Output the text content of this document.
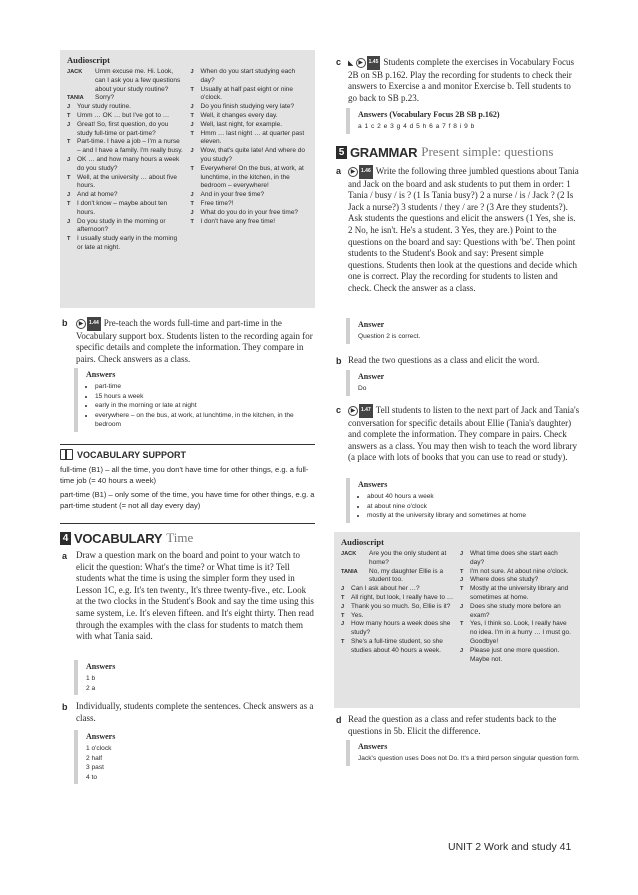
Audioscript
JACK	Umm excuse me. Hi. Look, can I ask you a few questions about your study routine?
TANIA	Sorry?
J	Your study routine.
T	Umm … OK … but I've got to …
J	Great! So, first question, do you study full-time or part-time?
T	Part-time. I have a job – I'm a nurse – and I have a family. I'm really busy.
J	OK … and how many hours a week do you study?
T	Well, at the university … about five hours.
J	And at home?
T	I don't know – maybe about ten hours.
J	Do you study in the morning or afternoon?
T	I usually study early in the morning or late at night.
J	When do you start studying each day?
T	Usually at half past eight or nine o'clock.
J	Do you finish studying very late?
T	Well, it changes every day.
J	Well, last night, for example.
T	Hmm … last night … at quarter past eleven.
J	Wow, that's quite late! And where do you study?
T	Everywhere! On the bus, at work, at lunchtime, in the kitchen, in the bedroom – everywhere!
J	And in your free time?
T	Free time?!
J	What do you do in your free time?
T	I don't have any free time!
b	▶	1.44 Pre-teach the words full-time and part-time in the Vocabulary support box. Students listen to the recording again for specific details and complete the information. They compare in pairs. Check answers as a class.
Answers
• part-time
• 15 hours a week
• early in the morning or late at night
• everywhere – on the bus, at work, at lunchtime, in the kitchen, in the bedroom
VOCABULARY SUPPORT
full-time (B1) – all the time, you don't have time for other things, e.g. a full-time job (= 40 hours a week)
part-time (B1) – only some of the time, you have time for other things, e.g. a part-time student (= not all day every day)
4 VOCABULARY Time
a Draw a question mark on the board and point to your watch to elicit the question: What's the time? or What time is it? Tell students what the time is using the simpler form they used in Lesson 1C, e.g. It's ten twenty., It's three twenty-five., etc. Look at the two clocks in the Student's Book and say the time using this same system, i.e. It's eleven fifteen. and It's eight thirty. Then read through the examples with the class for students to match them with what Tania said.
Answers
1 b
2 a
b Individually, students complete the sentences. Check answers as a class.
Answers
1 o'clock
2 half
3 past
4 to
c ◣ ▶	1.45 Students complete the exercises in Vocabulary Focus 2B on SB p.162. Play the recording for students to check their answers to Exercise a and monitor Exercise b. Tell students to go back to SB p.23.
Answers (Vocabulary Focus 2B SB p.162)
a 1 c 2 e 3 g 4 d 5 h 6 a 7 f 8 i 9 b
5 GRAMMAR Present simple: questions
a	▶	1.46 Write the following three jumbled questions about Tania and Jack on the board and ask students to put them in order: 1 Tania / busy / is ? (1 Is Tania busy?) 2 a nurse / is / Jack ? (2 Is Jack a nurse?) 3 students / they / are ? (3 Are they students?). Ask students the questions and elicit the answers (1 Yes, she is. 2 No, he isn't. He's a student. 3 Yes, they are.) Point to the questions on the board and say: Questions with 'be'. Then point students to the Student's Book and say: Present simple questions. Students then look at the questions and decide which one is correct. Play the recording for students to listen and check. Check the answer as a class.
Answer
Question 2 is correct.
b Read the two questions as a class and elicit the word.
Answer
Do
c	▶	1.47 Tell students to listen to the next part of Jack and Tania's conversation for specific details about Ellie (Tania's daughter) and complete the information. They compare in pairs. Check answers as a class. You may then wish to teach the word library (a place with lots of books that you can use to read or study).
Answers
• about 40 hours a week
• at about nine o'clock
• mostly at the university library and sometimes at home
Audioscript
JACK	Are you the only student at home?
TANIA	No, my daughter Ellie is a student too.
J	Can I ask about her …?
T	All right, but look, I really have to …
J	Thank you so much. So, Ellie is it?
T	Yes.
J	How many hours a week does she study?
T	She's a full-time student, so she studies about 40 hours a week.
J	What time does she start each day?
T	I'm not sure. At about nine o'clock.
J	Where does she study?
T	Mostly at the university library and sometimes at home.
J	Does she study more before an exam?
T	Yes, I think so. Look, I really have no idea. I'm in a hurry … I must go. Goodbye!
J	Please just one more question. Maybe not.
d Read the question as a class and refer students back to the questions in 5b. Elicit the difference.
Answers
Jack's question uses Does not Do. It's a third person singular question form.
UNIT 2 Work and study 41
